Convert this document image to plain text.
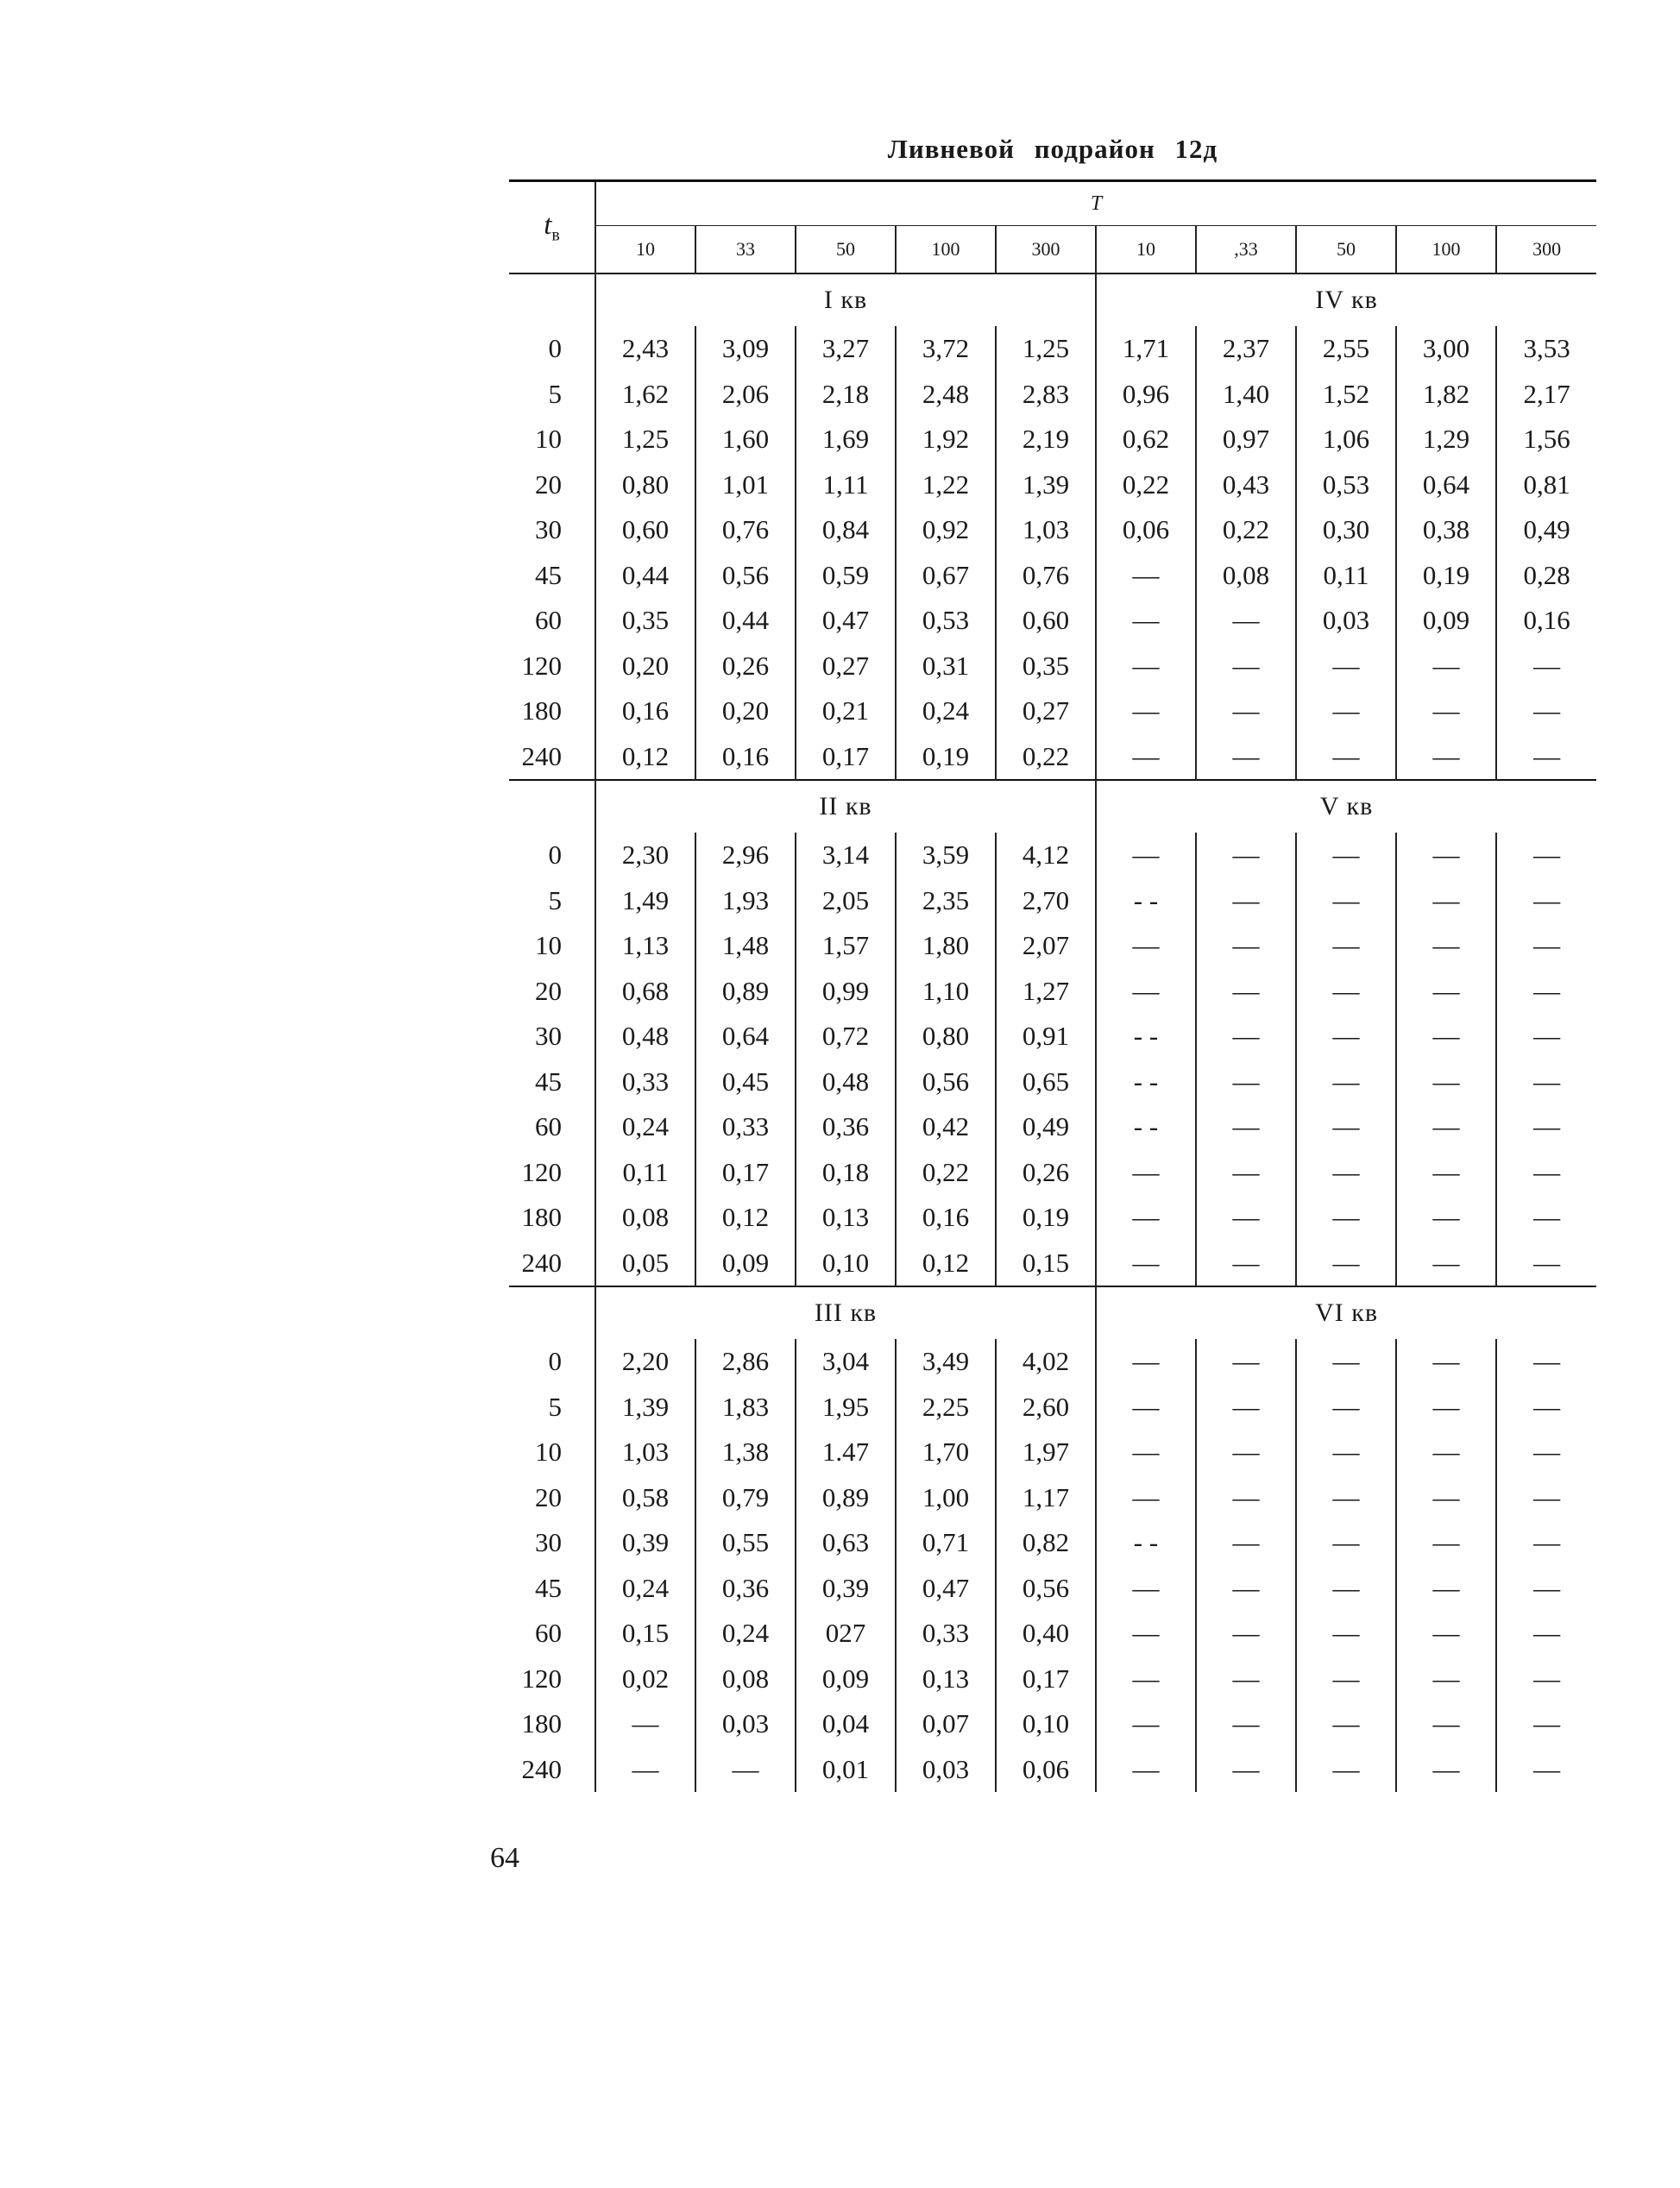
Ливневой подрайон 12д
$t_в$	T									
	10	33	50	100	300	10	,33	50	100	300
	I кв					IV кв				
0	2,43	3,09	3,27	3,72	1,25	1,71	2,37	2,55	3,00	3,53
5	1,62	2,06	2,18	2,48	2,83	0,96	1,40	1,52	1,82	2,17
10	1,25	1,60	1,69	1,92	2,19	0,62	0,97	1,06	1,29	1,56
20	0,80	1,01	1,11	1,22	1,39	0,22	0,43	0,53	0,64	0,81
30	0,60	0,76	0,84	0,92	1,03	0,06	0,22	0,30	0,38	0,49
45	0,44	0,56	0,59	0,67	0,76	—	0,08	0,11	0,19	0,28
60	0,35	0,44	0,47	0,53	0,60	—	—	0,03	0,09	0,16
120	0,20	0,26	0,27	0,31	0,35	—	—	—	—	—
180	0,16	0,20	0,21	0,24	0,27	—	—	—	—	—
240	0,12	0,16	0,17	0,19	0,22	—	—	—	—	—
	II кв					V кв				
0	2,30	2,96	3,14	3,59	4,12	—	—	—	—	—
5	1,49	1,93	2,05	2,35	2,70	- -	—	—	—	—
10	1,13	1,48	1,57	1,80	2,07	—	—	—	—	—
20	0,68	0,89	0,99	1,10	1,27	—	—	—	—	—
30	0,48	0,64	0,72	0,80	0,91	- -	—	—	—	—
45	0,33	0,45	0,48	0,56	0,65	- -	—	—	—	—
60	0,24	0,33	0,36	0,42	0,49	- -	—	—	—	—
120	0,11	0,17	0,18	0,22	0,26	—	—	—	—	—
180	0,08	0,12	0,13	0,16	0,19	—	—	—	—	—
240	0,05	0,09	0,10	0,12	0,15	—	—	—	—	—
	III кв					VI кв				
0	2,20	2,86	3,04	3,49	4,02	—	—	—	—	—
5	1,39	1,83	1,95	2,25	2,60	—	—	—	—	—
10	1,03	1,38	1.47	1,70	1,97	—	—	—	—	—
20	0,58	0,79	0,89	1,00	1,17	—	—	—	—	—
30	0,39	0,55	0,63	0,71	0,82	- -	—	—	—	—
45	0,24	0,36	0,39	0,47	0,56	—	—	—	—	—
60	0,15	0,24	027	0,33	0,40	—	—	—	—	—
120	0,02	0,08	0,09	0,13	0,17	—	—	—	—	—
180	—	0,03	0,04	0,07	0,10	—	—	—	—	—
240	—	—	0,01	0,03	0,06	—	—	—	—	—
64
